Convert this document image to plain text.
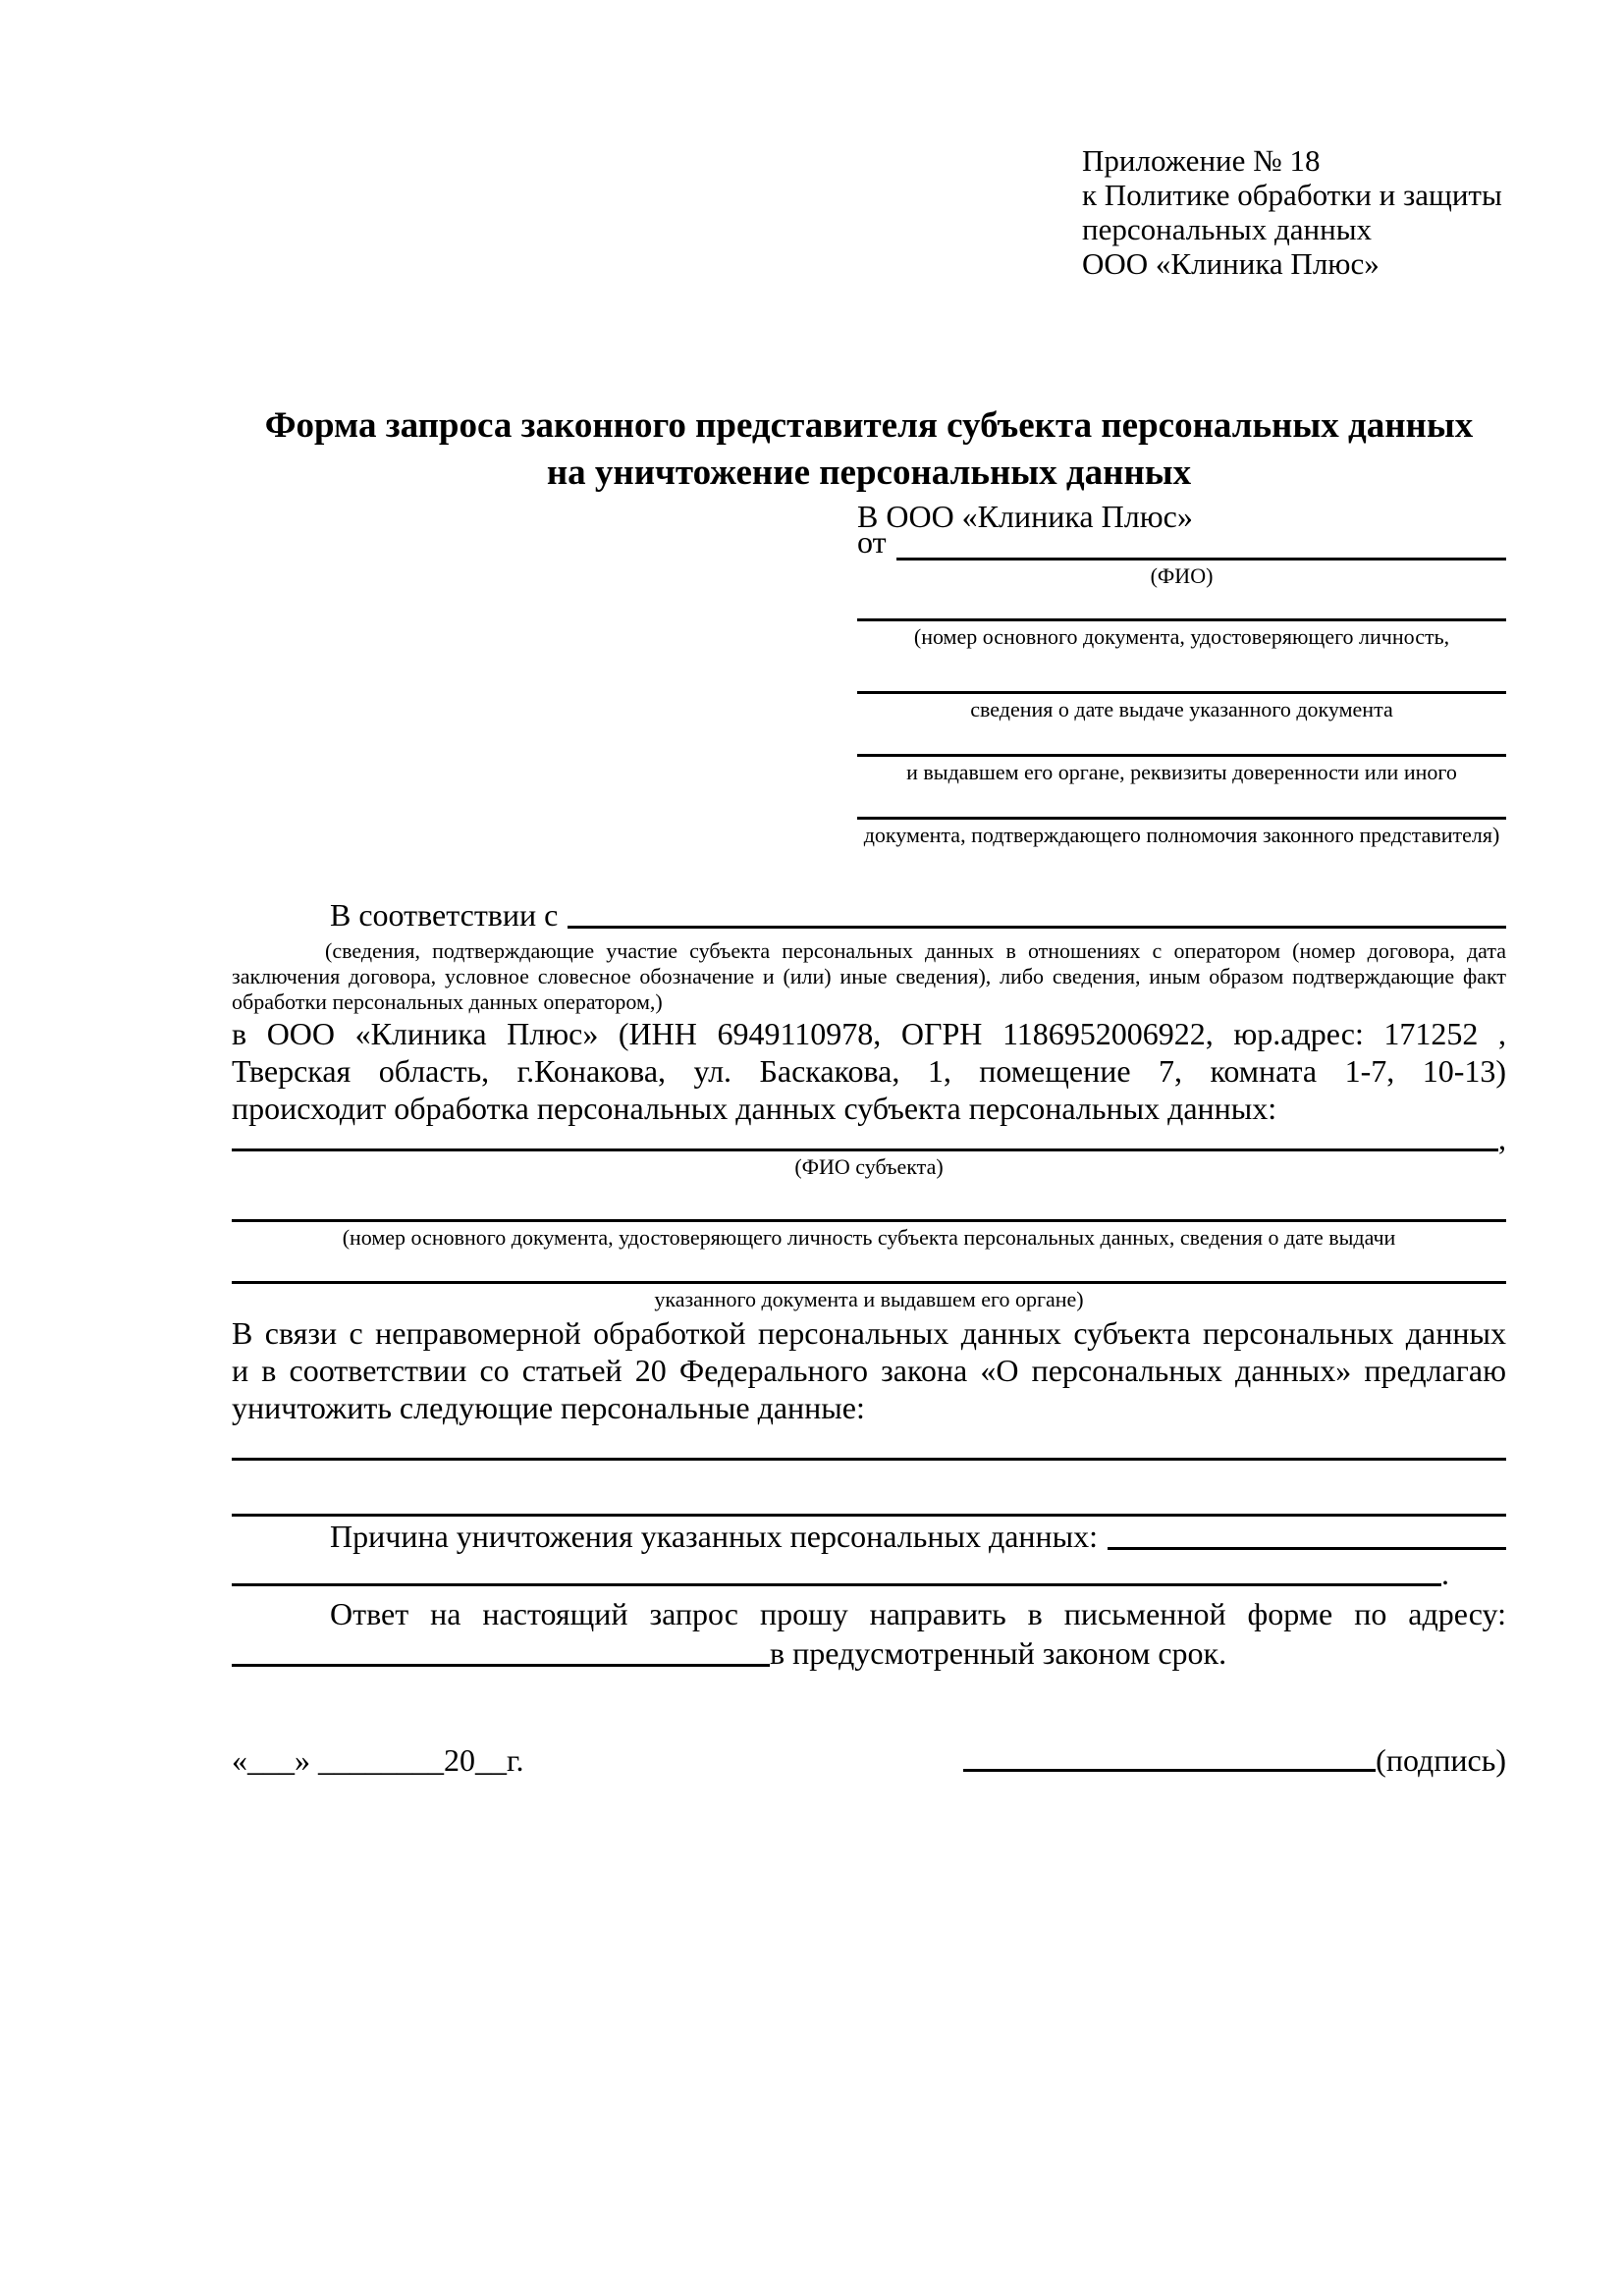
Приложение № 18
к Политике обработки и защиты
персональных данных
ООО «Клиника Плюс»
Форма запроса законного представителя субъекта персональных данных
на уничтожение персональных данных
В ООО «Клиника Плюс»
от
(ФИО)
(номер основного документа, удостоверяющего личность,
сведения о дате выдаче указанного документа
и выдавшем его органе, реквизиты доверенности или иного
документа, подтверждающего полномочия законного представителя)
В соответствии с
(сведения, подтверждающие участие субъекта персональных данных в отношениях с оператором (номер договора, дата
заключения договора, условное словесное обозначение и (или) иные сведения), либо сведения, иным образом подтверждающие факт
обработки персональных данных оператором,)
в ООО «Клиника Плюс» (ИНН 6949110978, ОГРН 1186952006922, юр.адрес: 171252 ,
Тверская область, г.Конакова, ул. Баскакова, 1, помещение 7, комната 1-7, 10-13)
происходит обработка персональных данных субъекта персональных данных:
,
(ФИО субъекта)
(номер основного документа, удостоверяющего личность субъекта персональных данных, сведения о дате выдачи
указанного документа и выдавшем его органе)
В связи с неправомерной обработкой персональных данных субъекта персональных данных
и в соответствии со статьей 20 Федерального закона «О персональных данных» предлагаю
уничтожить следующие персональные данные:
Причина уничтожения указанных персональных данных:
.
Ответ на настоящий запрос прошу направить в письменной форме по адресу:
в предусмотренный законом срок.
«___» ________20__г.	(подпись)
